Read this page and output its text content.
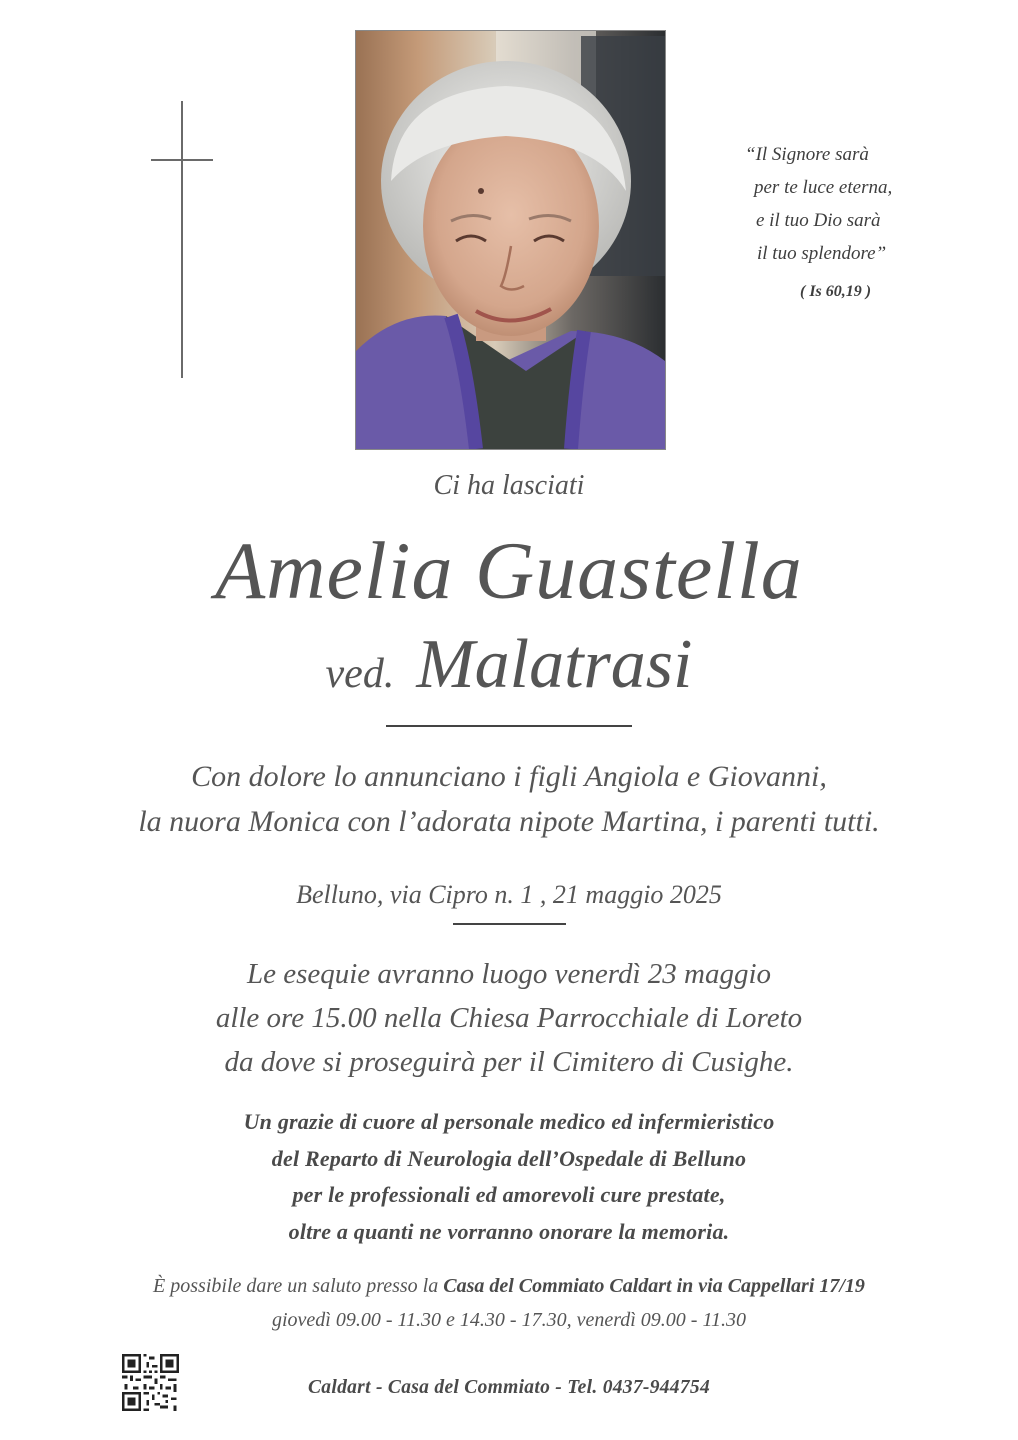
“Il Signore sarà
per te luce eterna,
e il tuo Dio sarà
il tuo splendore”
( Is 60,19 )
Ci ha lasciati
Amelia Guastella
ved. Malatrasi
Con dolore lo annunciano i figli Angiola e Giovanni,
la nuora Monica con l’adorata nipote Martina, i parenti tutti.
Belluno, via Cipro n. 1 , 21 maggio 2025
Le esequie avranno luogo venerdì 23 maggio
alle ore 15.00 nella Chiesa Parrocchiale di Loreto
da dove si proseguirà per il Cimitero di Cusighe.
Un grazie di cuore al personale medico ed infermieristico
del Reparto di Neurologia dell’Ospedale di Belluno
per le professionali ed amorevoli cure prestate,
oltre a quanti ne vorranno onorare la memoria.
È possibile dare un saluto presso la Casa del Commiato Caldart in via Cappellari 17/19
giovedì 09.00 - 11.30 e 14.30 - 17.30, venerdì 09.00 - 11.30
Caldart - Casa del Commiato - Tel. 0437-944754
